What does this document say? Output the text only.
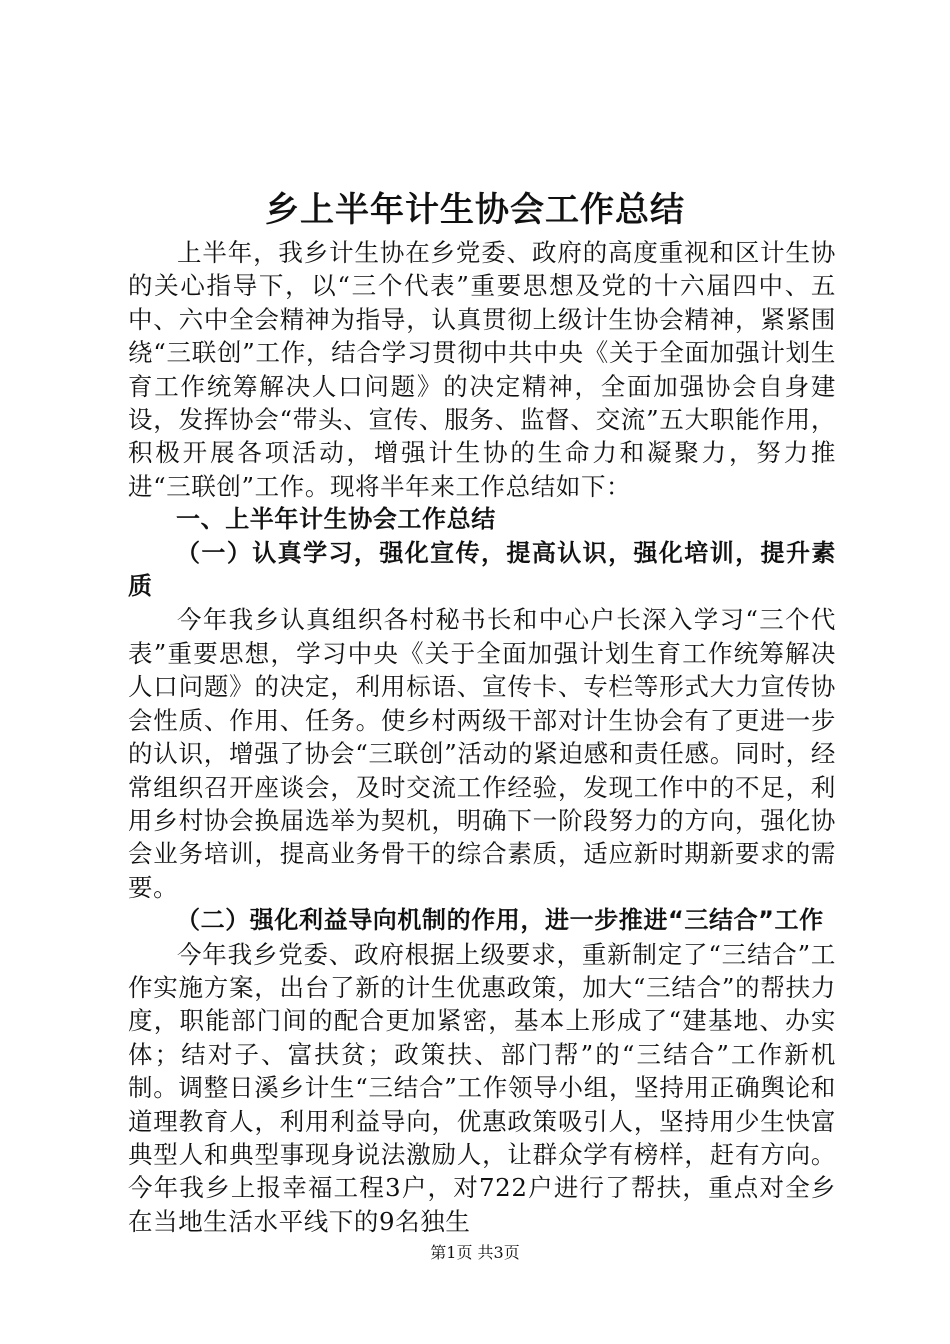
乡上半年计生协会工作总结

上半年，我乡计生协在乡党委、政府的高度重视和区计生协的关心指导下，以“三个代表”重要思想及党的十六届四中、五中、六中全会精神为指导，认真贯彻上级计生协会精神，紧紧围绕“三联创”工作，结合学习贯彻中共中央《关于全面加强计划生育工作统筹解决人口问题》的决定精神，全面加强协会自身建设，发挥协会“带头、宣传、服务、监督、交流”五大职能作用，积极开展各项活动，增强计生协的生命力和凝聚力，努力推进“三联创”工作。现将半年来工作总结如下：

一、上半年计生协会工作总结

（一）认真学习，强化宣传，提高认识，强化培训，提升素质

今年我乡认真组织各村秘书长和中心户长深入学习“三个代表”重要思想，学习中央《关于全面加强计划生育工作统筹解决人口问题》的决定，利用标语、宣传卡、专栏等形式大力宣传协会性质、作用、任务。使乡村两级干部对计生协会有了更进一步的认识，增强了协会“三联创”活动的紧迫感和责任感。同时，经常组织召开座谈会，及时交流工作经验，发现工作中的不足，利用乡村协会换届选举为契机，明确下一阶段努力的方向，强化协会业务培训，提高业务骨干的综合素质，适应新时期新要求的需要。

（二）强化利益导向机制的作用，进一步推进“三结合”工作

今年我乡党委、政府根据上级要求，重新制定了“三结合”工作实施方案，出台了新的计生优惠政策，加大“三结合”的帮扶力度，职能部门间的配合更加紧密，基本上形成了“建基地、办实体；结对子、富扶贫；政策扶、部门帮”的“三结合”工作新机制。调整日溪乡计生“三结合”工作领导小组，坚持用正确舆论和道理教育人，利用利益导向，优惠政策吸引人，坚持用少生快富典型人和典型事现身说法激励人，让群众学有榜样，赶有方向。今年我乡上报幸福工程3户，对722户进行了帮扶，重点对全乡在当地生活水平线下的9名独生

第1页 共3页
